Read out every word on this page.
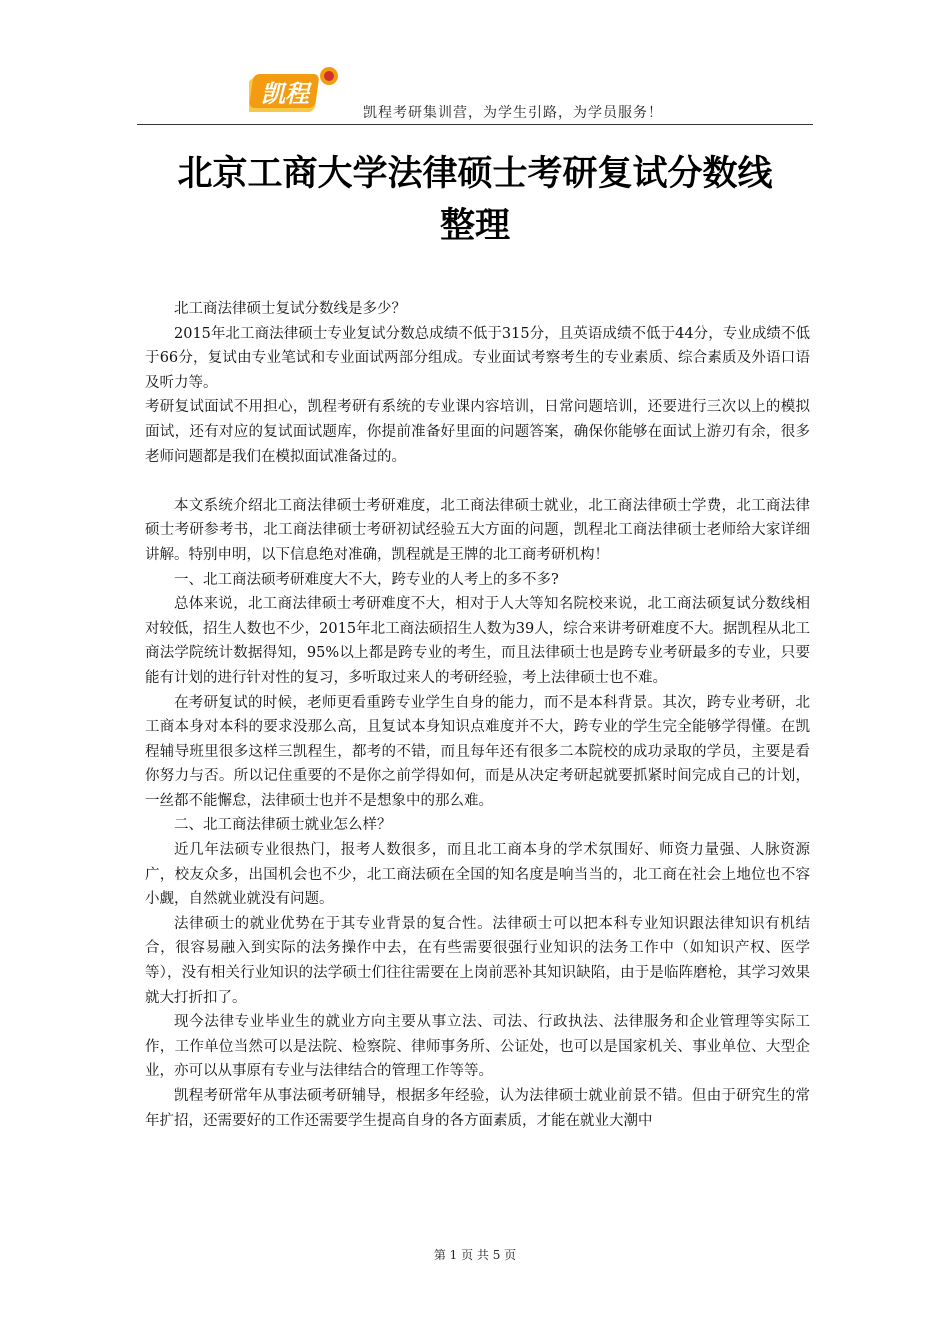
凯程
凯程考研集训营，为学生引路，为学员服务！
北京工商大学法律硕士考研复试分数线
整理

北工商法律硕士复试分数线是多少？

2015年北工商法律硕士专业复试分数总成绩不低于315分，且英语成绩不低于44分，专业成绩不低于66分，复试由专业笔试和专业面试两部分组成。专业面试考察考生的专业素质、综合素质及外语口语及听力等。

考研复试面试不用担心，凯程考研有系统的专业课内容培训，日常问题培训，还要进行三次以上的模拟面试，还有对应的复试面试题库，你提前准备好里面的问题答案，确保你能够在面试上游刃有余，很多老师问题都是我们在模拟面试准备过的。

本文系统介绍北工商法律硕士考研难度，北工商法律硕士就业，北工商法律硕士学费，北工商法律硕士考研参考书，北工商法律硕士考研初试经验五大方面的问题，凯程北工商法律硕士老师给大家详细讲解。特别申明，以下信息绝对准确，凯程就是王牌的北工商考研机构！

一、北工商法硕考研难度大不大，跨专业的人考上的多不多?

总体来说，北工商法律硕士考研难度不大，相对于人大等知名院校来说，北工商法硕复试分数线相对较低，招生人数也不少，2015年北工商法硕招生人数为39人，综合来讲考研难度不大。据凯程从北工商法学院统计数据得知，95%以上都是跨专业的考生，而且法律硕士也是跨专业考研最多的专业，只要能有计划的进行针对性的复习，多听取过来人的考研经验，考上法律硕士也不难。

在考研复试的时候，老师更看重跨专业学生自身的能力，而不是本科背景。其次，跨专业考研，北工商本身对本科的要求没那么高，且复试本身知识点难度并不大，跨专业的学生完全能够学得懂。在凯程辅导班里很多这样三凯程生，都考的不错，而且每年还有很多二本院校的成功录取的学员，主要是看你努力与否。所以记住重要的不是你之前学得如何，而是从决定考研起就要抓紧时间完成自己的计划，一丝都不能懈怠，法律硕士也并不是想象中的那么难。

二、北工商法律硕士就业怎么样？

近几年法硕专业很热门，报考人数很多，而且北工商本身的学术氛围好、师资力量强、人脉资源广，校友众多，出国机会也不少，北工商法硕在全国的知名度是响当当的，北工商在社会上地位也不容小觑，自然就业就没有问题。

法律硕士的就业优势在于其专业背景的复合性。法律硕士可以把本科专业知识跟法律知识有机结合，很容易融入到实际的法务操作中去，在有些需要很强行业知识的法务工作中（如知识产权、医学等），没有相关行业知识的法学硕士们往往需要在上岗前恶补其知识缺陷，由于是临阵磨枪，其学习效果就大打折扣了。

现今法律专业毕业生的就业方向主要从事立法、司法、行政执法、法律服务和企业管理等实际工作，工作单位当然可以是法院、检察院、律师事务所、公证处，也可以是国家机关、事业单位、大型企业，亦可以从事原有专业与法律结合的管理工作等等。

凯程考研常年从事法硕考研辅导，根据多年经验，认为法律硕士就业前景不错。但由于研究生的常年扩招，还需要好的工作还需要学生提高自身的各方面素质，才能在就业大潮中

第 1 页 共 5 页
